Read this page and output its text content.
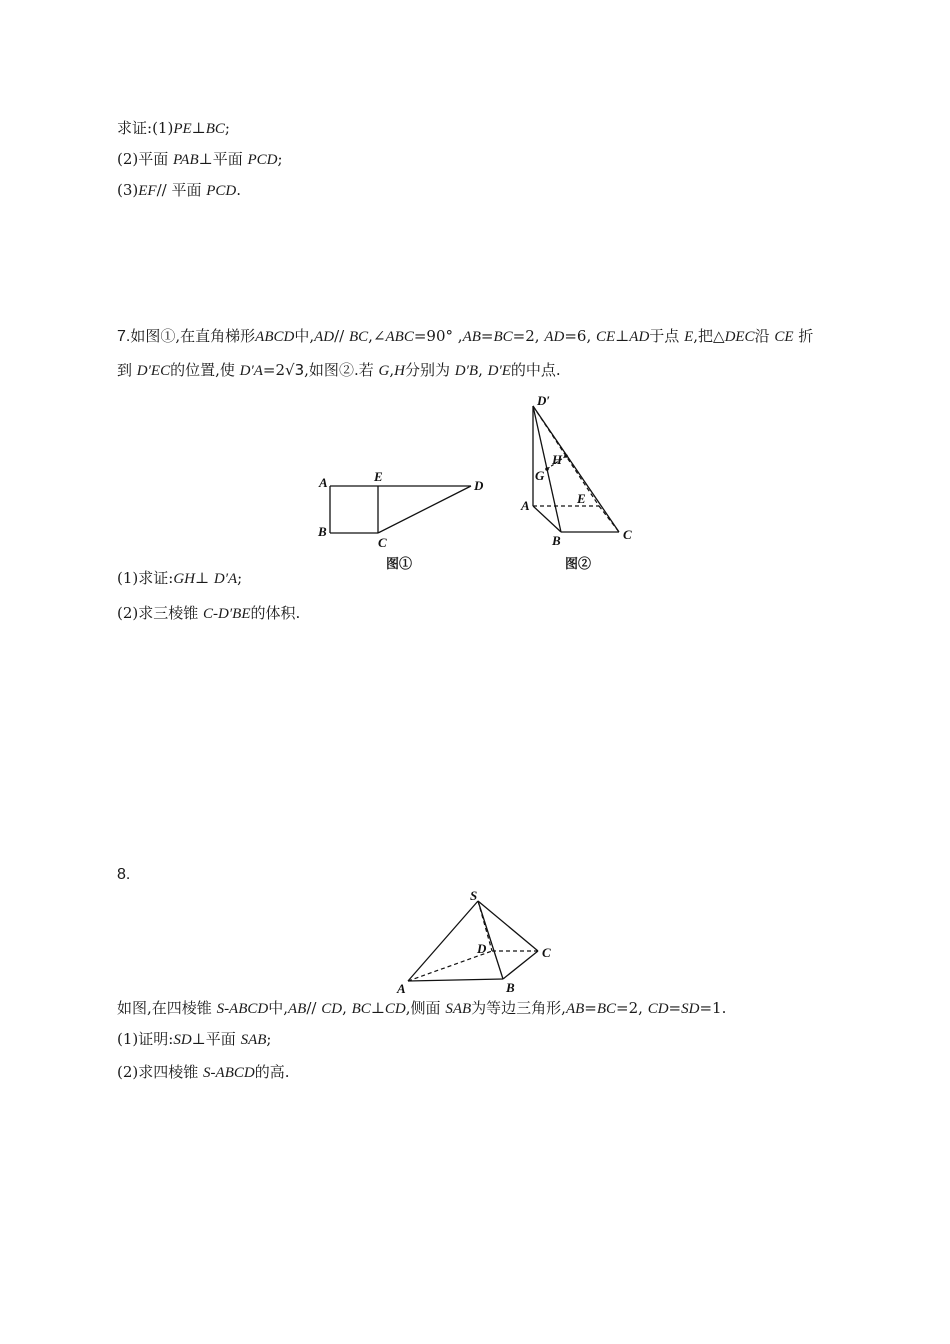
求证:(1)PE⊥BC;
(2)平面 PAB⊥平面 PCD;
(3)EF// 平面 PCD.
7.如图①,在直角梯形ABCD中,AD// BC,∠ABC=90° ,AB=BC=2, AD=6, CE⊥AD于点 E,把△DEC沿 CE 折
到 D′EC的位置,使 D′A=2√3,如图②.若 G,H分别为 D′B, D′E的中点.
A
B
C
D
E
图①
D′
H
G
A	E
B	C
图②
(1)求证:GH⊥ D′A;
(2)求三棱锥 C-D′BE的体积.
8.
S
D	C
A	B
如图,在四棱锥 S-ABCD中,AB// CD, BC⊥CD,侧面 SAB为等边三角形,AB=BC=2, CD=SD=1.
(1)证明:SD⊥平面 SAB;
(2)求四棱锥 S-ABCD的高.
